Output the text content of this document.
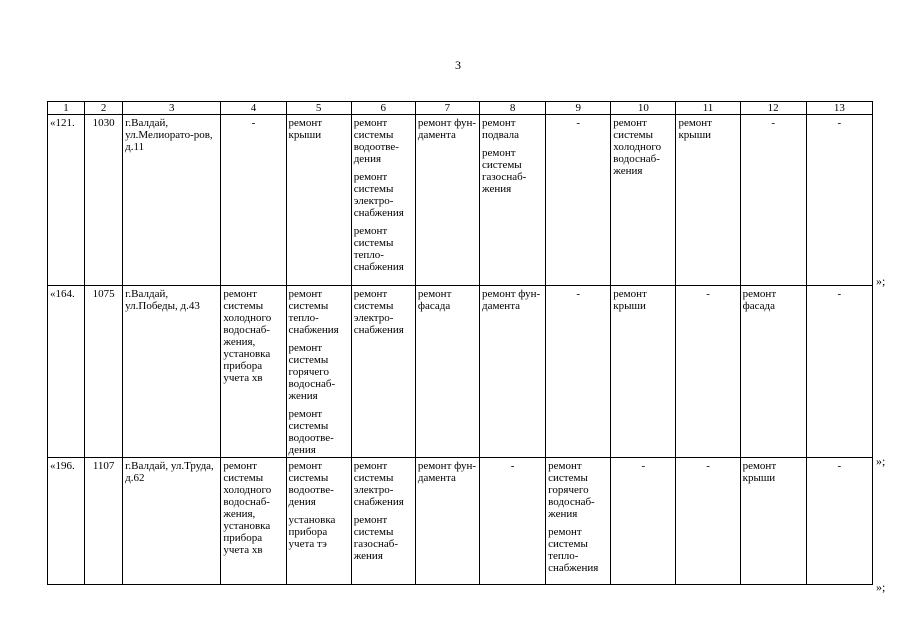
3
1	2	3	4	5	6	7	8	9	10	11	12	13

«121.	1030	г.Валдай, ул.Мелиорато-ров, д.11	-	ремонт крыши	ремонт системы водоотве-дения
ремонт системы электро-снабжения
ремонт системы тепло-снабжения	ремонт фун-дамента	ремонт подвала
ремонт системы газоснаб-жения	-	ремонт системы холодного водоснаб-жения	ремонт крыши	-	-

«164.	1075	г.Валдай, ул.Победы, д.43	ремонт системы холодного водоснаб-жения, установка прибора учета хв	ремонт системы тепло-снабжения
ремонт системы горячего водоснаб-жения
ремонт системы водоотве-дения	ремонт системы электро-снабжения	ремонт фасада	ремонт фун-дамента	-	ремонт крыши	-	ремонт фасада	-

«196.	1107	г.Валдай, ул.Труда, д.62	ремонт системы холодного водоснаб-жения, установка прибора учета хв	ремонт системы водоотве-дения
установка прибора учета тэ	ремонт системы электро-снабжения
ремонт системы газоснаб-жения	ремонт фун-дамента	-	ремонт системы горячего водоснаб-жения
ремонт системы тепло-снабжения	-	-	ремонт крыши	-
»;
»;
»;
